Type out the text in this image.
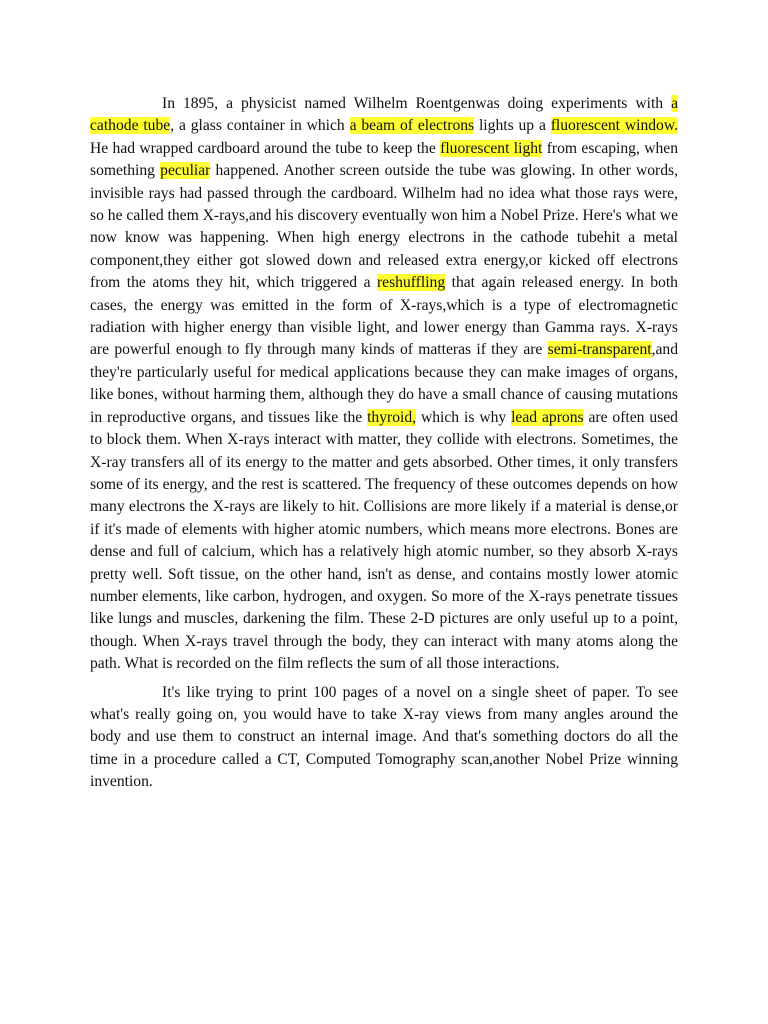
In 1895, a physicist named Wilhelm Roentgenwas doing experiments with a cathode tube, a glass container in which a beam of electrons lights up a fluorescent window. He had wrapped cardboard around the tube to keep the fluorescent light from escaping, when something peculiar happened. Another screen outside the tube was glowing. In other words, invisible rays had passed through the cardboard. Wilhelm had no idea what those rays were, so he called them X-rays,and his discovery eventually won him a Nobel Prize. Here's what we now know was happening. When high energy electrons in the cathode tubehit a metal component,they either got slowed down and released extra energy,or kicked off electrons from the atoms they hit, which triggered a reshuffling that again released energy. In both cases, the energy was emitted in the form of X-rays,which is a type of electromagnetic radiation with higher energy than visible light, and lower energy than Gamma rays. X-rays are powerful enough to fly through many kinds of matteras if they are semi-transparent,and they're particularly useful for medical applications because they can make images of organs, like bones, without harming them, although they do have a small chance of causing mutations in reproductive organs, and tissues like the thyroid, which is why lead aprons are often used to block them. When X-rays interact with matter, they collide with electrons. Sometimes, the X-ray transfers all of its energy to the matter and gets absorbed. Other times, it only transfers some of its energy, and the rest is scattered. The frequency of these outcomes depends on how many electrons the X-rays are likely to hit. Collisions are more likely if a material is dense,or if it's made of elements with higher atomic numbers, which means more electrons. Bones are dense and full of calcium, which has a relatively high atomic number, so they absorb X-rays pretty well. Soft tissue, on the other hand, isn't as dense, and contains mostly lower atomic number elements, like carbon, hydrogen, and oxygen. So more of the X-rays penetrate tissues like lungs and muscles, darkening the film. These 2-D pictures are only useful up to a point, though. When X-rays travel through the body, they can interact with many atoms along the path. What is recorded on the film reflects the sum of all those interactions.

It's like trying to print 100 pages of a novel on a single sheet of paper. To see what's really going on, you would have to take X-ray views from many angles around the body and use them to construct an internal image. And that's something doctors do all the time in a procedure called a CT, Computed Tomography scan,another Nobel Prize winning invention.
